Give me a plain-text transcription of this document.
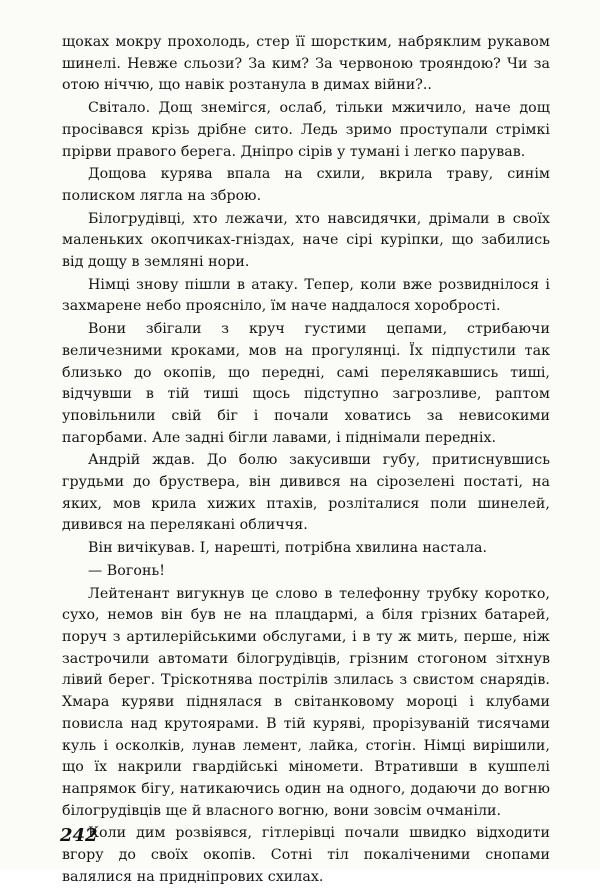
щоках мокру прохолодь, стер її шорстким, набряклим рукавом шинелі. Невже сльози? За ким? За червоною трояндою? Чи за отою ніччю, що навік розтанула в димах війни?..

Світало. Дощ знемігся, ослаб, тільки мжичило, наче дощ просівався крізь дрібне сито. Ледь зримо проступали стрімкі прірви правого берега. Дніпро сірів у тумані і легко парував.

Дощова курява впала на схили, вкрила траву, синім полиском лягла на зброю.

Білогрудівці, хто лежачи, хто навсидячки, дрімали в своїх маленьких окопчиках-гніздах, наче сірі куріпки, що забились від дощу в земляні нори.

Німці знову пішли в атаку. Тепер, коли вже розвиднілося і захмарене небо проясніло, їм наче наддалося хоробрості.

Вони збігали з круч густими цепами, стрибаючи величезними кроками, мов на прогулянці. Їх підпустили так близько до окопів, що передні, самі перелякавшись тиші, відчувши в тій тиші щось підступно загрозливе, раптом уповільнили свій біг і почали ховатись за невисокими пагорбами. Але задні бігли лавами, і піднімали передніх.

Андрій ждав. До болю закусивши губу, притиснувшись грудьми до бруствера, він дивився на сірозелені постаті, на яких, мов крила хижих птахів, розліталися поли шинелей, дивився на перелякані обличчя.

Він вичікував. І, нарешті, потрібна хвилина настала.

— Вогонь!

Лейтенант вигукнув це слово в телефонну трубку коротко, сухо, немов він був не на плацдармі, а біля грізних батарей, поруч з артилерійськими обслугами, і в ту ж мить, перше, ніж застрочили автомати білогрудівців, грізним стогоном зітхнув лівий берег. Тріскотнява пострілів злилась з свистом снарядів. Хмара куряви піднялася в світанковому мороці і клубами повисла над крутоярами. В тій куряві, прорізуваній тисячами куль і осколків, лунав лемент, лайка, стогін. Німці вирішили, що їх накрили гвардійські міномети. Втративши в кушпелі напрямок бігу, натикаючись один на одного, додаючи до вогню білогрудівців ще й власного вогню, вони зовсім очманіли.

Коли дим розвіявся, гітлерівці почали швидко відходити вгору до своїх окопів. Сотні тіл покаліченими снопами валялися на придніпрових схилах.

242
